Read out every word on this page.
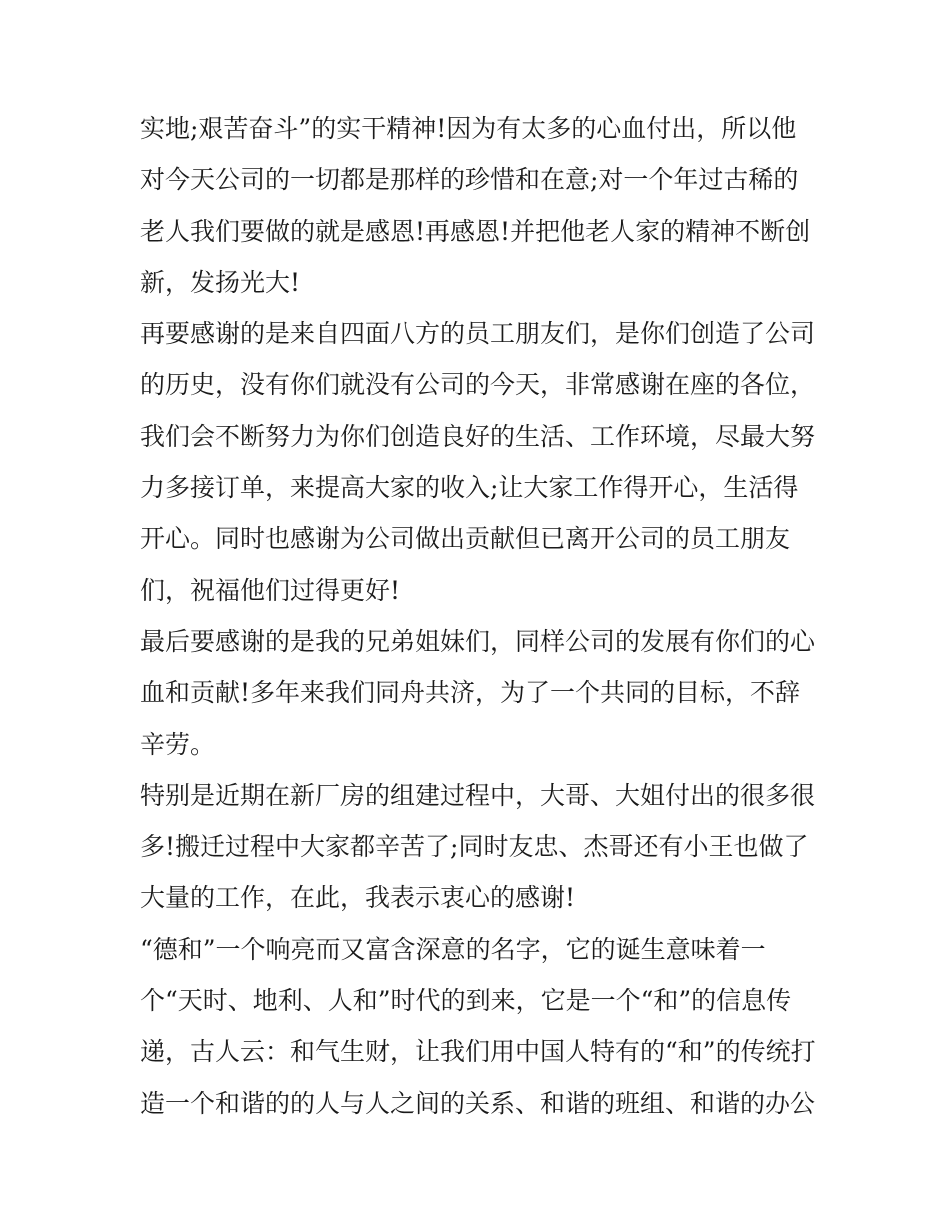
实地;艰苦奋斗”的实干精神!因为有太多的心血付出，所以他

对今天公司的一切都是那样的珍惜和在意;对一个年过古稀的

老人我们要做的就是感恩!再感恩!并把他老人家的精神不断创

新，发扬光大!

再要感谢的是来自四面八方的员工朋友们，是你们创造了公司

的历史，没有你们就没有公司的今天，非常感谢在座的各位，

我们会不断努力为你们创造良好的生活、工作环境，尽最大努

力多接订单，来提高大家的收入;让大家工作得开心，生活得

开心。同时也感谢为公司做出贡献但已离开公司的员工朋友

们，祝福他们过得更好!

最后要感谢的是我的兄弟姐妹们，同样公司的发展有你们的心

血和贡献!多年来我们同舟共济，为了一个共同的目标，不辞

辛劳。

特别是近期在新厂房的组建过程中，大哥、大姐付出的很多很

多!搬迁过程中大家都辛苦了;同时友忠、杰哥还有小王也做了

大量的工作，在此，我表示衷心的感谢!

“德和”一个响亮而又富含深意的名字，它的诞生意味着一

个“天时、地利、人和”时代的到来，它是一个“和”的信息传

递，古人云：和气生财，让我们用中国人特有的“和”的传统打

造一个和谐的的人与人之间的关系、和谐的班组、和谐的办公
